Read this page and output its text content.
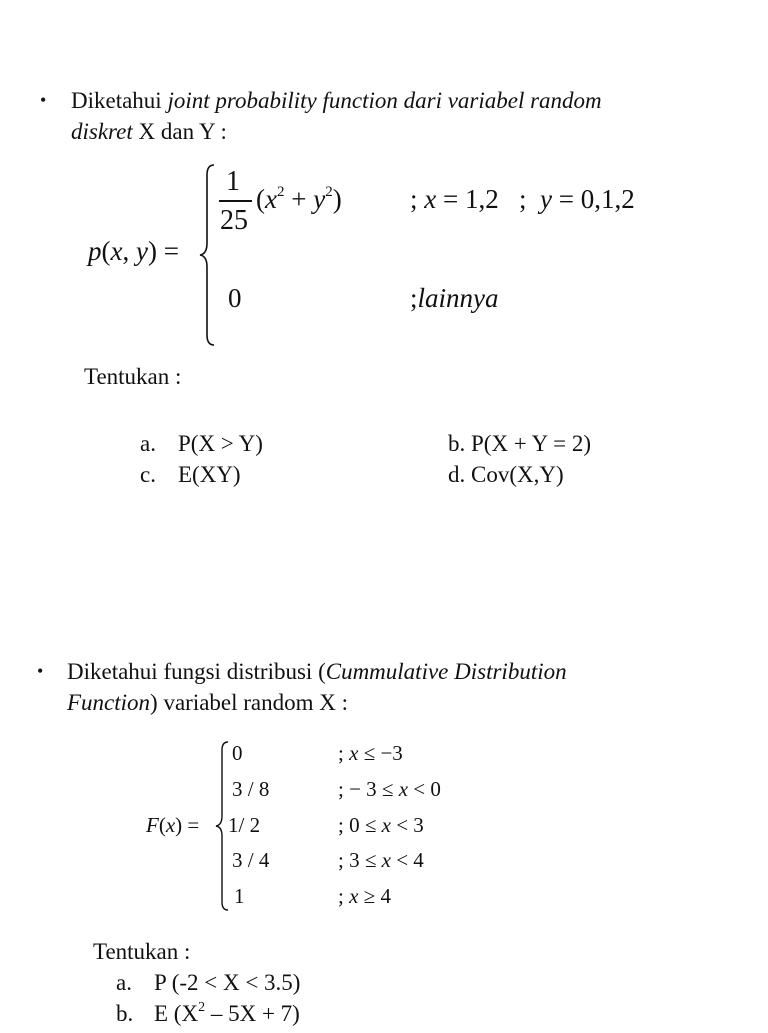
• Diketahui joint probability function dari variabel random
diskret X dan Y :
p(x, y) =
1
25
$(x^2 + y^2)$	; x = 1,2   ;  y = 0,1,2
0	;lainnya
Tentukan :
a. P(X > Y)	b. P(X + Y = 2)
c. E(XY)	d. Cov(X,Y)
• Diketahui fungsi distribusi (Cummulative Distribution
Function) variabel random X :
F(x) =
0	; x ≤ −3
3 / 8	; − 3 ≤ x < 0
1/ 2	; 0 ≤ x < 3
3 / 4	; 3 ≤ x < 4
1	; x ≥ 4
Tentukan :
a. P (-2 < X < 3.5)
b. E $(X^2 - 5X + 7)$
